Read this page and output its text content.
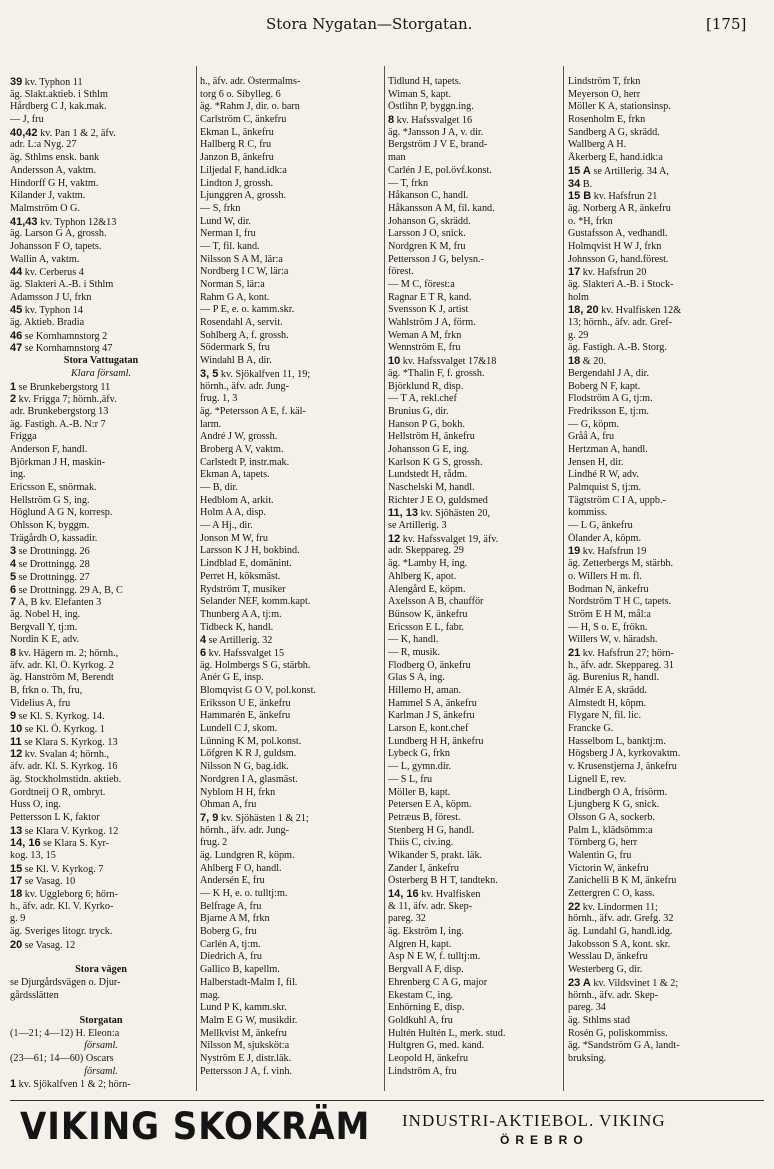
Stora Nygatan—Storgatan.	[175]
39 kv. Typhon 11
äg. Slakt.aktieb. i Sthlm
Hårdberg C J, kak.mak.
— J, fru
40,42 kv. Pan 1 & 2, äfv.
adr. L:a Nyg. 27
äg. Sthlms ensk. bank
Andersson A, vaktm.
Hindorff G H, vaktm.
Kilander J, vaktm.
Malmström O G.
41,43 kv. Typhon 12&13
äg. Larson G A, grossh.
Johansson F O, tapets.
Wallin A, vaktm.
44 kv. Cerberus 4
äg. Slakteri A.-B. i Sthlm
Adamsson J U, frkn
45 kv. Typhon 14
äg. Aktieb. Bradia
46 se Kornhamnstorg 2
47 se Kornhamnstorg 47
Stora Vattugatan
Klara församl.
1 se Brunkebergstorg 11
2 kv. Frigga 7; hörnh.,äfv.
adr. Brunkebergstorg 13
äg. Fastigh. A.-B. N:r 7
Frigga
Anderson F, handl.
Björkman J H, maskin-
ing.
Ericsson E, snörmak.
Hellström G S, ing.
Höglund A G N, korresp.
Ohlsson K, byggm.
Trägårdh O, kassadir.
3 se Drottningg. 26
4 se Drottningg. 28
5 se Drottningg. 27
6 se Drottningg. 29 A, B, C
7 A, B kv. Elefanten 3
äg. Nobel H, ing.
Bergvall Y, tj:m.
Nordin K E, adv.
8 kv. Hägern m. 2; hörnh.,
äfv. adr. Kl. Ö. Kyrkog. 2
äg. Hanström M, Berendt
B, frkn o. Th, fru,
Videlius A, fru
9 se Kl. S. Kyrkog. 14.
10 se Kl. Ö. Kyrkog. 1
11 se Klara S. Kyrkog. 13
12 kv. Svalan 4; hörnh.,
äfv. adr. Kl. S. Kyrkog. 16
äg. Stockholmstidn. aktieb.
Gordtneij O R, ombryt.
Huss O, ing.
Pettersson L K, faktor
13 se Klara V. Kyrkog. 12
14, 16 se Klara S. Kyr-
kog. 13, 15
15 se Kl. V. Kyrkog. 7
17 se Vasag. 10
18 kv. Uggleborg 6; hörn-
h., äfv. adr. Kl. V. Kyrko-
g. 9
äg. Sveriges litogr. tryck.
20 se Vasag. 12
Stora vägen
se Djurgårdsvägen o. Djur-
gårdsslätten
Storgatan
(1—21; 4—12) H. Eleon:a
församl.
(23—61; 14—60) Oscars
församl.
1 kv. Sjökalfven 1 & 2; hörn-
h., äfv. adr. Östermalms-
torg 6 o. Sibylleg. 6
äg. *Rahm J, dir. o. barn
Carlström C, änkefru
Ekman L, änkefru
Hallberg R C, fru
Janzon B, änkefru
Liljedal F, hand.idk:a
Lindton J, grossh.
Ljunggren A, grossh.
— S, frkn
Lund W, dir.
Nerman I, fru
— T, fil. kand.
Nilsson S A M, lär:a
Nordberg I C W, lär:a
Norman S, lär:a
Rahm G A, kont.
— P E, e. o. kamm.skr.
Rosendahl A, servit.
Sohlberg A, f. grossh.
Södermark S, fru
Windahl B A, dir.
3, 5 kv. Sjökalfven 11, 19;
hörnh., äfv. adr. Jung-
frug. 1, 3
äg. *Petersson A E, f. käl-
larm.
André J W, grossh.
Broberg A V, vaktm.
Carlstedt P, instr.mak.
Ekman A, tapets.
— B, dir.
Hedblom A, arkit.
Holm A A, disp.
— A Hj., dir.
Jonson M W, fru
Larsson K J H, bokbind.
Lindblad E, domänint.
Perret H, köksmäst.
Rydström T, musiker
Selander NEF, komm.kapt.
Thunberg A A, tj:m.
Tidbeck K, handl.
4 se Artillerig. 32
6 kv. Hafssvalget 15
äg. Holmbergs S G, stärbh.
Anér G E, insp.
Blomqvist G O V, pol.konst.
Eriksson U E, änkefru
Hammarén E, änkefru
Lundell C J, skom.
Lünning K M, pol.konst.
Löfgren K R J, guldsm.
Nilsson N G, bag.idk.
Nordgren I A, glasmäst.
Nyblom H H, frkn
Öhman A, fru
7, 9 kv. Sjöhästen 1 & 21;
hörnh., äfv. adr. Jung-
frug. 2
äg. Lundgren R, köpm.
Ahlberg F O, handl.
Andersén E, fru
— K H, e. o. tulltj:m.
Belfrage A, fru
Bjarne A M, frkn
Boberg G, fru
Carlén A, tj:m.
Diedrich A, fru
Gallico B, kapellm.
Halberstadt-Malm I, fil.
mag.
Lund P K, kamm.skr.
Malm E G W, musikdir.
Mellkvist M, änkefru
Nilsson M, sjuksköt:a
Nyström E J, distr.läk.
Pettersson J A, f. vinh.
Tidlund H, tapets.
Wiman S, kapt.
Östlihn P, byggn.ing.
8 kv. Hafssvalget 16
äg. *Jansson J A, v. dir.
Bergström J V E, brand-
man
Carlén J E, pol.övf.konst.
— T, frkn
Håkanson C, handl.
Håkansson A M, fil. kand.
Johanson G, skrädd.
Larsson J O, snick.
Nordgren K M, fru
Pettersson J G, belysn.-
förest.
— M C, förest:a
Ragnar E T R, kand.
Svensson K J, artist
Wahlström J A, förm.
Weman A M, frkn
Wennström E, fru
10 kv. Hafssvalget 17&18
äg. *Thalin F, f. grossh.
Björklund R, disp.
— T A, rekl.chef
Brunius G, dir.
Hanson P G, bokh.
Hellström H, änkefru
Johansson G E, ing.
Karlson K G S, grossh.
Lundstedt H, rådm.
Naschelski M, handl.
Richter J E O, guldsmed
11, 13 kv. Sjöhästen 20,
se Artillerig. 3
12 kv. Hafssvalget 19, äfv.
adr. Skeppareg. 29
äg. *Lamby H, ing.
Ahlberg K, apot.
Alengård E, köpm.
Axelsson A B, chaufför
Bünsow K, änkefru
Ericsson E L, fabr.
— K, handl.
— R, musik.
Flodberg O, änkefru
Glas S A, ing.
Hillemo H, aman.
Hammel S A, änkefru
Karlman J S, änkefru
Larson E, kont.chef
Lundberg H H, änkefru
Lybeck G, frkn
— L, gymn.dir.
— S L, fru
Möller B, kapt.
Petersen E A, köpm.
Petræus B, förest.
Stenberg H G, handl.
Thiis C, civ.ing.
Wikander S, prakt. läk.
Zander I, änkefru
Österberg B H T, tandtekn.
14, 16 kv. Hvalfisken
& 11, äfv. adr. Skep-
pareg. 32
äg. Ekström I, ing.
Algren H, kapt.
Asp N E W, f. tulltj:m.
Bergvall A F, disp.
Ehrenberg C A G, major
Ekestam C, ing.
Enhörning E, disp.
Goldkuhl A, fru
Hultén Hultén L, merk. stud.
Hultgren G, med. kand.
Leopold H, änkefru
Lindström A, fru
Lindström T, frkn
Meyerson O, herr
Möller K A, stationsinsp.
Rosenholm E, frkn
Sandberg A G, skrädd.
Wallberg A H.
Åkerberg E, hand.idk:a
15 A se Artillerig. 34 A,
34 B.
15 B kv. Hafsfrun 21
äg. Norberg A R, änkefru
o. *H, frkn
Gustafsson A, vedhandl.
Holmqvist H W J, frkn
Johnsson G, hand.förest.
17 kv. Hafsfrun 20
äg. Slakteri A.-B. i Stock-
holm
18, 20 kv. Hvalfisken 12&
13; hörnh., äfv. adr. Gref-
g. 29
äg. Fastigh. A.-B. Storg.
18 & 20.
Bergendahl J A, dir.
Boberg N F, kapt.
Flodström A G, tj:m.
Fredriksson E, tj:m.
— G, köpm.
Gråå A, fru
Hertzman A, handl.
Jensen H, dir.
Lindhé R W, adv.
Palmquist S, tj:m.
Tägtström C I A, uppb.-
kommiss.
— L G, änkefru
Ölander A, köpm.
19 kv. Hafsfrun 19
äg. Zetterbergs M, stärbh.
o. Willers H m. fl.
Bodman N, änkefru
Nordström T H C, tapets.
Ström E H M, mål:a
— H, S o. E, frökn.
Willers W, v. häradsh.
21 kv. Hafsfrun 27; hörn-
h., äfv. adr. Skeppareg. 31
äg. Burenius R, handl.
Almér E A, skrädd.
Almstedt H, köpm.
Flygare N, fil. lic.
Francke G.
Hasselbom L, banktj:m.
Högsberg J A, kyrkovaktm.
v. Krusenstjerna J, änkefru
Lignell E, rev.
Lindbergh O A, frisörm.
Ljungberg K G, snick.
Olsson G A, sockerb.
Palm L, klädsömm:a
Törnberg G, herr
Walentin G, fru
Victorin W, änkefru
Zanichelli B K M, änkefru
Zettergren C O, kass.
22 kv. Lindormen 11;
hörnh., äfv. adr. Grefg. 32
äg. Lundahl G, handl.idg.
Jakobsson S A, kont. skr.
Wesslau D, änkefru
Westerberg G, dir.
23 A kv. Vildsvinet 1 & 2;
hörnh., äfv. adr. Skep-
pareg. 34
äg. Sthlms stad
Rosén G, poliskommiss.
äg. *Sandström G A, landt-
bruksing.
VIKING SKOKRÄM INDUSTRI-AKTIEBOL. VIKING
ÖREBRO
